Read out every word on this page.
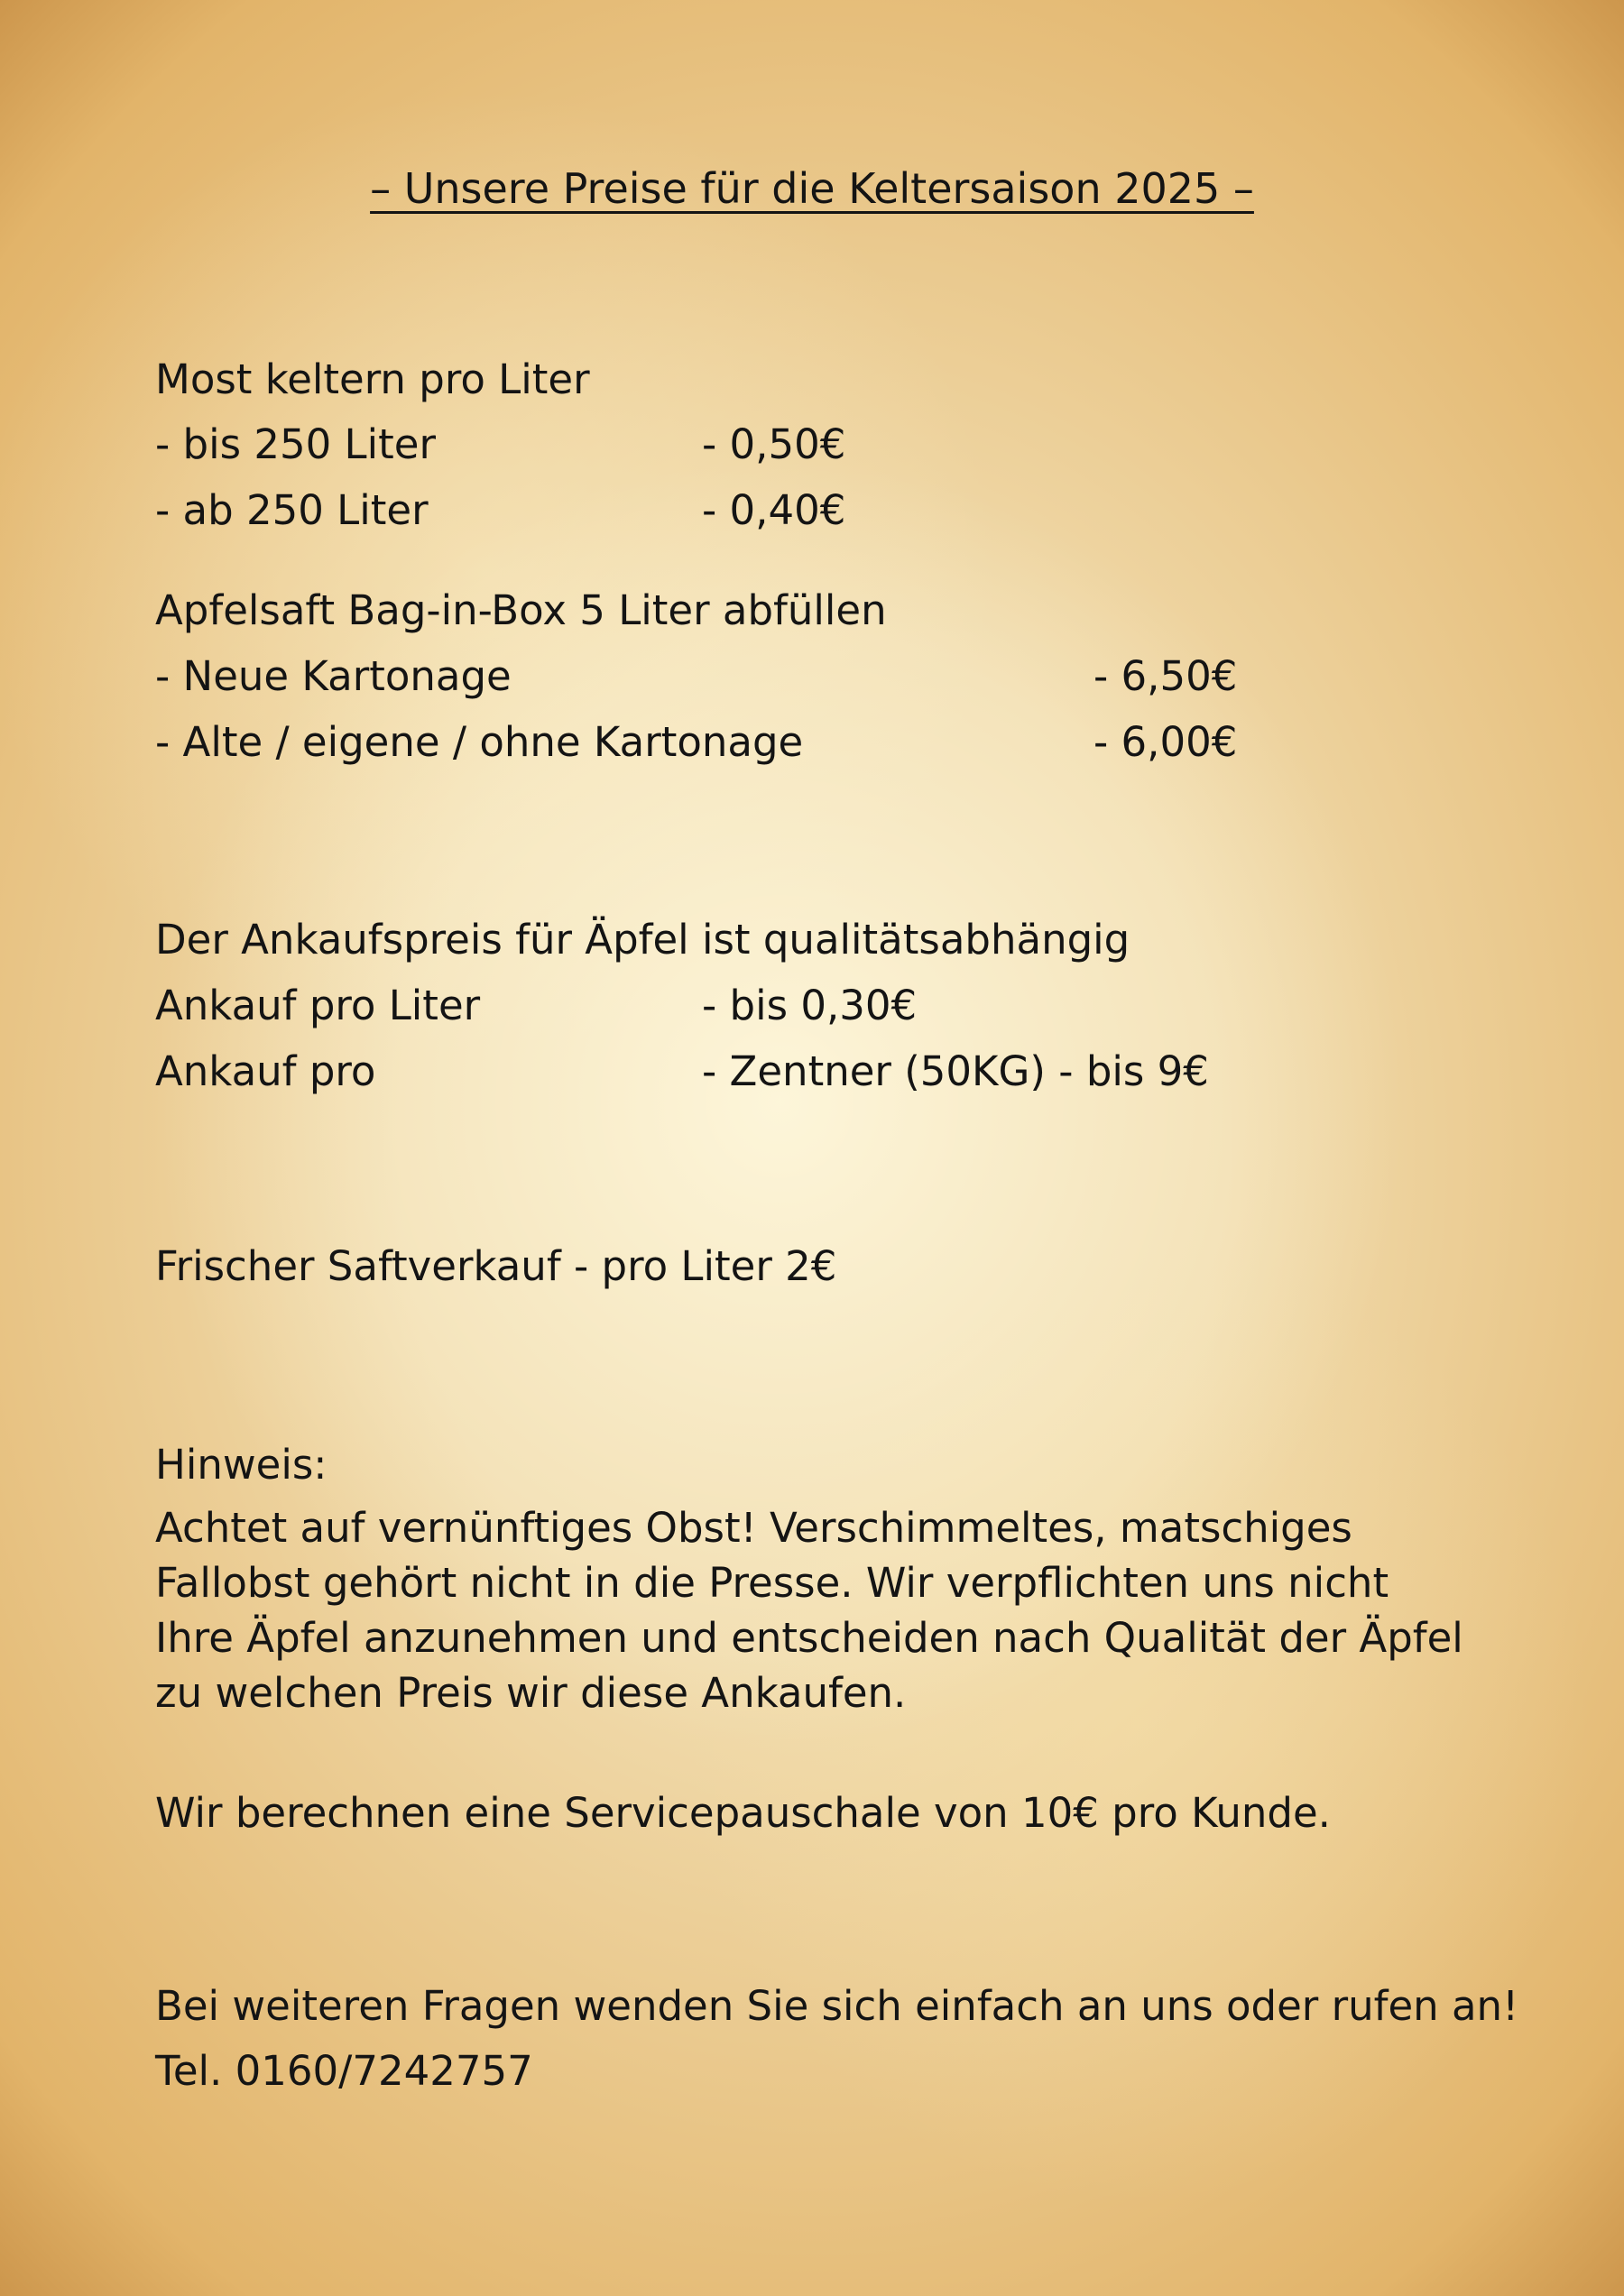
– Unsere Preise für die Keltersaison 2025 –
Most keltern pro Liter
- bis 250 Liter	- 0,50€
- ab 250 Liter	- 0,40€
Apfelsaft Bag-in-Box 5 Liter abfüllen
- Neue Kartonage	- 6,50€
- Alte / eigene / ohne Kartonage	- 6,00€
Der Ankaufspreis für Äpfel ist qualitätsabhängig
Ankauf pro Liter	- bis 0,30€
Ankauf pro	- Zentner (50KG) - bis 9€
Frischer Saftverkauf - pro Liter 2€
Hinweis:
Achtet auf vernünftiges Obst! Verschimmeltes, matschiges
Fallobst gehört nicht in die Presse. Wir verpflichten uns nicht
Ihre Äpfel anzunehmen und entscheiden nach Qualität der Äpfel
zu welchen Preis wir diese Ankaufen.
Wir berechnen eine Servicepauschale von 10€ pro Kunde.
Bei weiteren Fragen wenden Sie sich einfach an uns oder rufen an!
Tel. 0160/7242757
